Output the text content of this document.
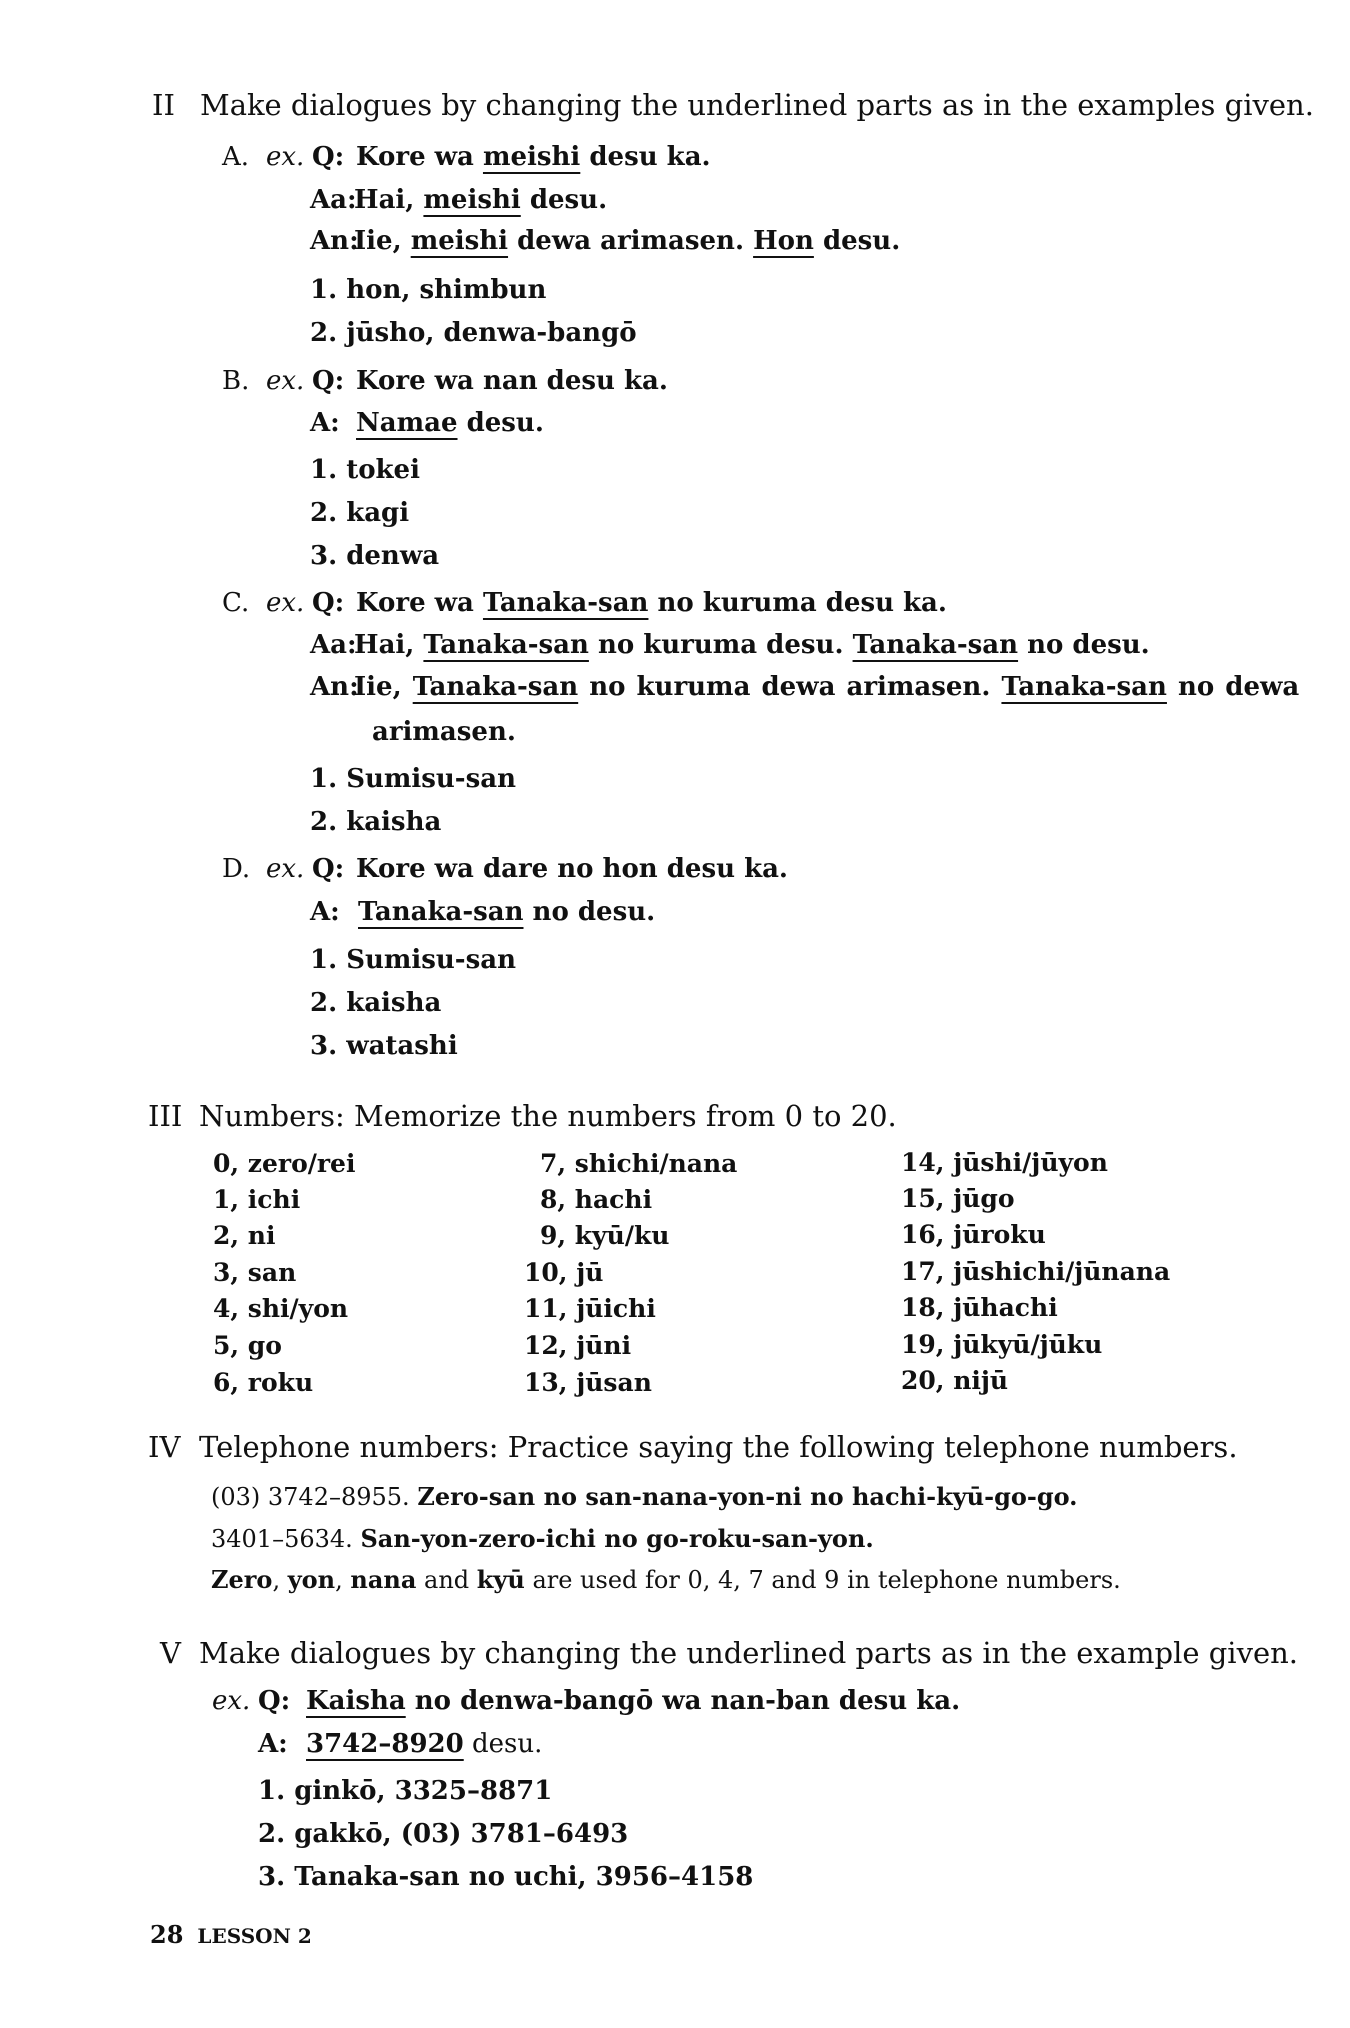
II Make dialogues by changing the underlined parts as in the examples given.
A. ex. Q: Kore wa meishi desu ka.
Aa:Hai, meishi desu.
An:Iie, meishi dewa arimasen. Hon desu.
1. hon, shimbun
2. jūsho, denwa-bangō
B. ex. Q: Kore wa nan desu ka.
A: Namae desu.
1. tokei
2. kagi
3. denwa
C. ex. Q: Kore wa Tanaka-san no kuruma desu ka.
Aa:Hai, Tanaka-san no kuruma desu. Tanaka-san no desu.
An:Iie, Tanaka-san no kuruma dewa arimasen. Tanaka-san no dewa
arimasen.
1. Sumisu-san
2. kaisha
D. ex. Q: Kore wa dare no hon desu ka.
A: Tanaka-san no desu.
1. Sumisu-san
2. kaisha
3. watashi
III Numbers: Memorize the numbers from 0 to 20.
0, zero/rei
1, ichi
2, ni
3, san
4, shi/yon
5, go
6, roku
7, shichi/nana
8, hachi
9, kyū/ku
10, jū
11, jūichi
12, jūni
13, jūsan
14, jūshi/jūyon
15, jūgo
16, jūroku
17, jūshichi/jūnana
18, jūhachi
19, jūkyū/jūku
20, nijū
IV Telephone numbers: Practice saying the following telephone numbers.
(03) 3742–8955. Zero-san no san-nana-yon-ni no hachi-kyū-go-go.
3401–5634. San-yon-zero-ichi no go-roku-san-yon.
Zero, yon, nana and kyū are used for 0, 4, 7 and 9 in telephone numbers.
V Make dialogues by changing the underlined parts as in the example given.
ex. Q: Kaisha no denwa-bangō wa nan-ban desu ka.
A: 3742–8920 desu.
1. ginkō, 3325–8871
2. gakkō, (03) 3781–6493
3. Tanaka-san no uchi, 3956–4158
28 LESSON 2
